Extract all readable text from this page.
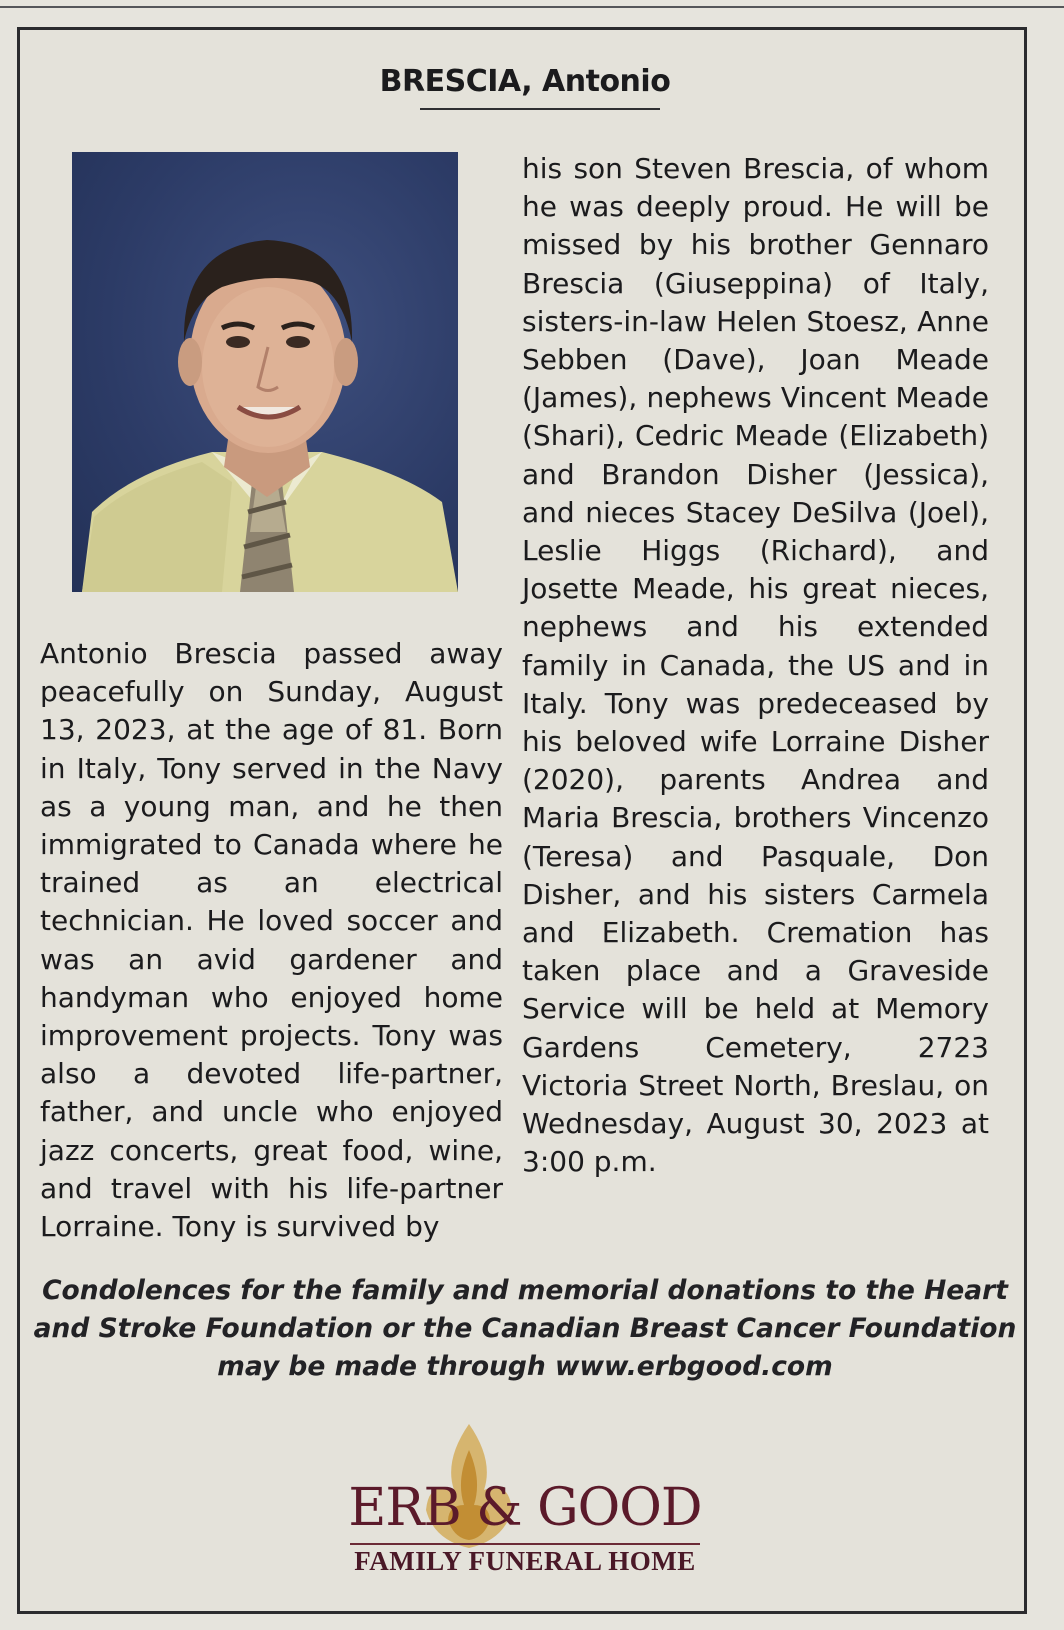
BRESCIA, Antonio
Antonio Brescia passed away peacefully on Sunday, August 13, 2023, at the age of 81. Born in Italy, Tony served in the Navy as a young man, and he then immigrated to Canada where he trained as an electrical technician. He loved soccer and was an avid gardener and handyman who enjoyed home improvement projects. Tony was also a devoted life-partner, father, and uncle who enjoyed jazz concerts, great food, wine, and travel with his life-partner Lorraine. Tony is survived by
his son Steven Brescia, of whom he was deeply proud. He will be missed by his brother Gennaro Brescia (Giuseppina) of Italy, sisters-in-law Helen Stoesz, Anne Sebben (Dave), Joan Meade (James), nephews Vincent Meade (Shari), Cedric Meade (Elizabeth) and Brandon Disher (Jessica), and nieces Stacey DeSilva (Joel), Leslie Higgs (Richard), and Josette Meade, his great nieces, nephews and his extended family in Canada, the US and in Italy. Tony was predeceased by his beloved wife Lorraine Disher (2020), parents Andrea and Maria Brescia, brothers Vincenzo (Teresa) and Pasquale, Don Disher, and his sisters Carmela and Elizabeth. Cremation has taken place and a Graveside Service will be held at Memory Gardens Cemetery, 2723 Victoria Street North, Breslau, on Wednesday, August 30, 2023 at 3:00 p.m.
Condolences for the family and memorial donations to the Heart and Stroke Foundation or the Canadian Breast Cancer Foundation may be made through www.erbgood.com
ERB & GOOD
FAMILY FUNERAL HOME
